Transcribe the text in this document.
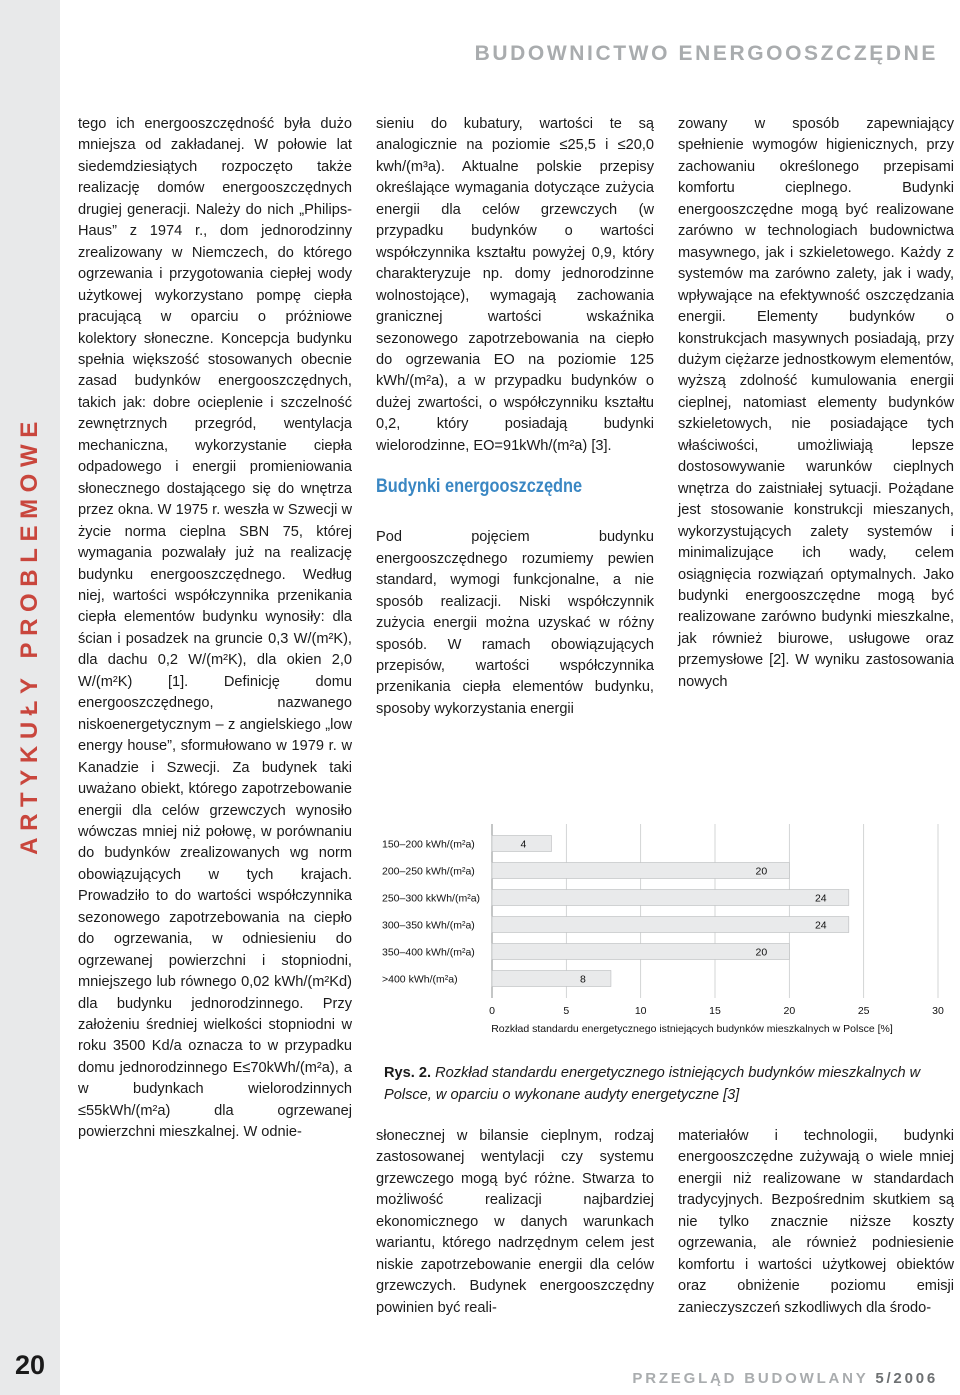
ARTYKUŁY PROBLEMOWE
20
BUDOWNICTWO ENERGOOSZCZĘDNE

tego ich energooszczędność była dużo mniejsza od zakładanej. W połowie lat siedemdziesiątych rozpoczęto także realizację domów energooszczędnych drugiej generacji. Należy do nich „Philips-Haus” z 1974 r., dom jednorodzinny zrealizowany w Niemczech, do którego ogrzewania i przygotowania ciepłej wody użytkowej wykorzystano pompę ciepła pracującą w oparciu o próżniowe kolektory słoneczne. Koncepcja budynku spełnia większość stosowanych obecnie zasad budynków energooszczędnych, takich jak: dobre ocieplenie i szczelność zewnętrznych przegród, wentylacja mechaniczna, wykorzystanie ciepła odpadowego i energii promieniowania słonecznego dostającego się do wnętrza przez okna. W 1975 r. weszła w Szwecji w życie norma cieplna SBN 75, której wymagania pozwalały już na realizację budynku energooszczędnego. Według niej, wartości współczynnika przenikania ciepła elementów budynku wynosiły: dla ścian i posadzek na gruncie 0,3 W/(m²K), dla dachu 0,2 W/(m²K), dla okien 2,0 W/(m²K) [1]. Definicję domu energooszczędnego, nazwanego niskoenergetycznym – z angielskiego „low energy house”, sformułowano w 1979 r. w Kanadzie i Szwecji. Za budynek taki uważano obiekt, którego zapotrzebowanie energii dla celów grzewczych wynosiło wówczas mniej niż połowę, w porównaniu do budynków zrealizowanych wg norm obowiązujących w tych krajach. Prowadziło to do wartości współczynnika sezonowego zapotrzebowania na ciepło do ogrzewania, w odniesieniu do ogrzewanej powierzchni i stopniodni, mniejszego lub równego 0,02 kWh/(m²Kd) dla budynku jednorodzinnego. Przy założeniu średniej wielkości stopniodni w roku 3500 Kd/a oznacza to w przypadku domu jednorodzinnego E≤70kWh/(m²a), a w budynkach wielorodzinnych ≤55kWh/(m²a) dla ogrzewanej powierzchni mieszkalnej. W odnie-

sieniu do kubatury, wartości te są analogicznie na poziomie ≤25,5 i ≤20,0 kwh/(m³a). Aktualne polskie przepisy określające wymagania dotyczące zużycia energii dla celów grzewczych (w przypadku budynków o wartości współczynnika kształtu powyżej 0,9, który charakteryzuje np. domy jednorodzinne wolnostojące), wymagają zachowania granicznej wartości wskaźnika sezonowego zapotrzebowania na ciepło do ogrzewania EO na poziomie 125 kWh/(m²a), a w przypadku budynków o dużej zwartości, o współczynniku kształtu 0,2, który posiadają budynki wielorodzinne, EO=91kWh/(m²a) [3].

Budynki energooszczędne

Pod pojęciem budynku energooszczędnego rozumiemy pewien standard, wymogi funkcjonalne, a nie sposób realizacji. Niski współczynnik zużycia energii można uzyskać w różny sposób. W ramach obowiązujących przepisów, wartości współczynnika przenikania ciepła elementów budynku, sposoby wykorzystania energii

zowany w sposób zapewniający spełnienie wymogów higienicznych, przy zachowaniu określonego przepisami komfortu cieplnego. Budynki energooszczędne mogą być realizowane zarówno w technologiach budownictwa masywnego, jak i szkieletowego. Każdy z systemów ma zarówno zalety, jak i wady, wpływające na efektywność oszczędzania energii. Elementy budynków o konstrukcjach masywnych posiadają, przy dużym ciężarze jednostkowym elementów, wyższą zdolność kumulowania energii cieplnej, natomiast elementy budynków szkieletowych, nie posiadające tych właściwości, umożliwiają lepsze dostosowywanie warunków cieplnych wnętrza do zaistniałej sytuacji. Pożądane jest stosowanie konstrukcji mieszanych, wykorzystujących zalety systemów i minimalizujące ich wady, celem osiągnięcia rozwiązań optymalnych. Jako budynki energooszczędne mogą być realizowane zarówno budynki mieszkalne, jak również biurowe, usługowe oraz przemysłowe [2]. W wyniku zastosowania nowych

150–200 kWh/(m²a)
200–250 kWh/(m²a)
250–300 kkWh/(m²a)
300–350 kWh/(m²a)
350–400 kWh/(m²a)
>400 kWh/(m²a)
4
20
24
24
20
8
0	5	10	15	20	25	30
Rozkład standardu energetycznego istniejących budynków mieszkalnych w Polsce [%]
Rys. 2. Rozkład standardu energetycznego istniejących budynków mieszkalnych w Polsce, w oparciu o wykonane audyty energetyczne [3]

słonecznej w bilansie cieplnym, rodzaj zastosowanej wentylacji czy systemu grzewczego mogą być różne. Stwarza to możliwość realizacji najbardziej ekonomicznego w danych warunkach wariantu, którego nadrzędnym celem jest niskie zapotrzebowanie energii dla celów grzewczych. Budynek energooszczędny powinien być reali-

materiałów i technologii, budynki energooszczędne zużywają o wiele mniej energii niż realizowane w standardach tradycyjnych. Bezpośrednim skutkiem są nie tylko znacznie niższe koszty ogrzewania, ale również podniesienie komfortu i wartości użytkowej obiektów oraz obniżenie poziomu emisji zanieczyszczeń szkodliwych dla środo-

PRZEGLĄD BUDOWLANY 5/2006
